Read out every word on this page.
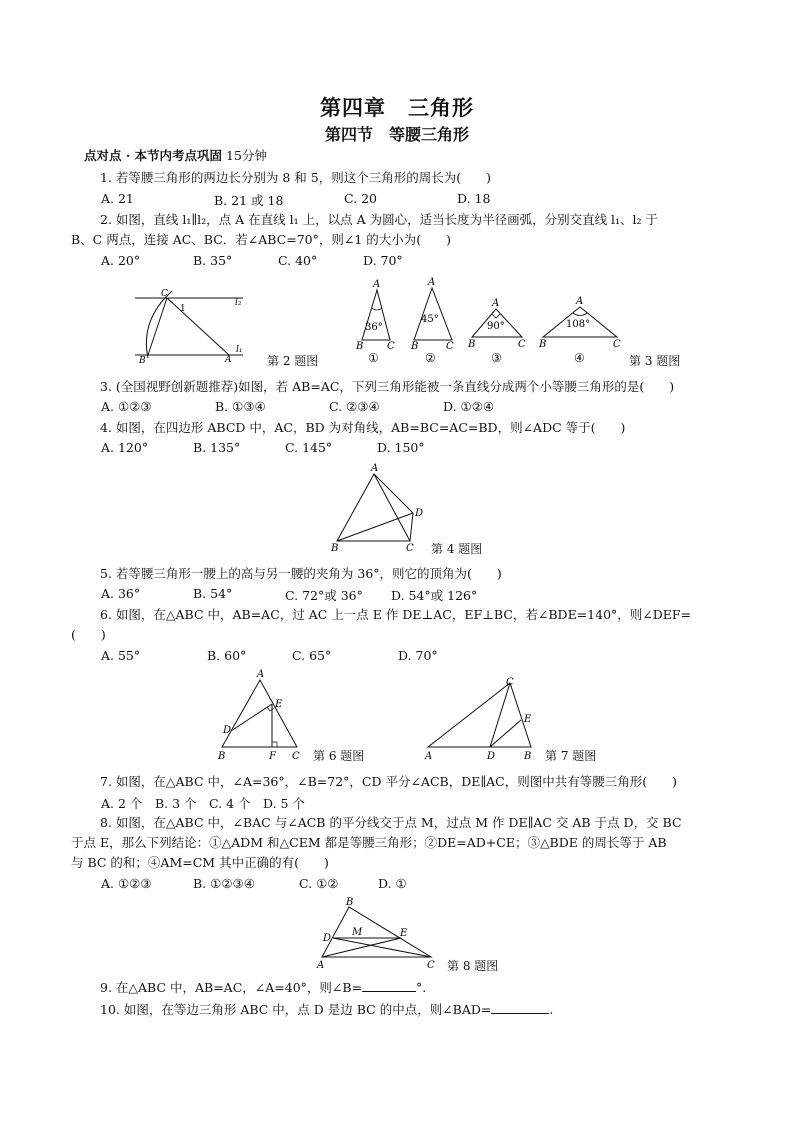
第四章　三角形
第四节　等腰三角形
点对点 · 本节内考点巩固 15分钟
1. 若等腰三角形的两边长分别为 8 和 5，则这个三角形的周长为(　　)
A. 21	B. 21 或 18	C. 20	D. 18
2. 如图，直线 l₁∥l₂，点 A 在直线 l₁ 上，以点 A 为圆心，适当长度为半径画弧，分别交直线 l₁、l₂ 于
B、C 两点，连接 AC、BC．若∠ABC=70°，则∠1 的大小为(　　)
A. 20°	B. 35°	C. 40°	D. 70°
C
1
l₂
B	A
l₁
第 2 题图
36°
A
B C
①
45°
A
B	C
②
90°
A
B	C
③
108°
A
B	C
④	第 3 题图
3. (全国视野创新题推荐)如图，若 AB=AC，下列三角形能被一条直线分成两个小等腰三角形的是(　　)
A. ①②③	B. ①③④	C. ②③④	D. ①②④
4. 如图，在四边形 ABCD 中，AC，BD 为对角线，AB=BC=AC=BD，则∠ADC 等于(　　)
A. 120°	B. 135°	C. 145°	D. 150°
A
B	C
D
第 4 题图
5. 若等腰三角形一腰上的高与另一腰的夹角为 36°，则它的顶角为(　　)
A. 36°	B. 54°	C. 72°或 36° D. 54°或 126°
6. 如图，在△ABC 中，AB=AC，过 AC 上一点 E 作 DE⊥AC，EF⊥BC，若∠BDE=140°，则∠DEF=
(　　)
A. 55°	B. 60°	C. 65°	D. 70°
A
B	C
D
E
F	第 6 题图
C
A	D	B
E
第 7 题图
7. 如图，在△ABC 中，∠A=36°，∠B=72°，CD 平分∠ACB，DE∥AC，则图中共有等腰三角形(　　)
A. 2 个 B. 3 个 C. 4 个 D. 5 个
8. 如图，在△ABC 中，∠BAC 与∠ACB 的平分线交于点 M，过点 M 作 DE∥AC 交 AB 于点 D，交 BC
于点 E，那么下列结论：①△ADM 和△CEM 都是等腰三角形；②DE=AD+CE；③△BDE 的周长等于 AB
与 BC 的和；④AM=CM 其中正确的有(　　)
A. ①②③	B. ①②③④	C. ①②	D. ①
B
D
M	E
A	C 第 8 题图
9. 在△ABC 中，AB=AC，∠A=40°，则∠B=	°.
10. 如图，在等边三角形 ABC 中，点 D 是边 BC 的中点，则∠BAD=	.
